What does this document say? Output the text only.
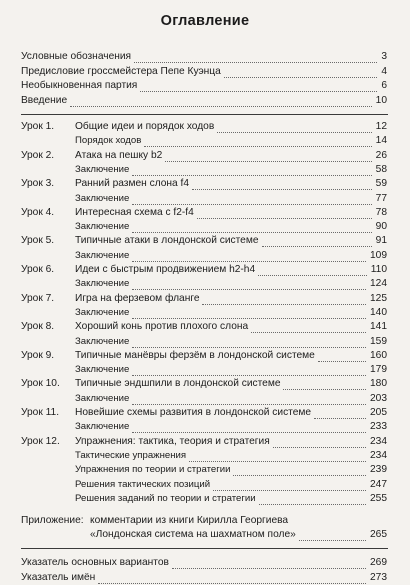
Оглавление
Условные обозначения	3
Предисловие гроссмейстера Пепе Куэнца	4
Необыкновенная партия	6
Введение	10
Урок 1. Общие идеи и порядок ходов	12
Порядок ходов	14
Урок 2. Атака на пешку b2	26
Заключение	58
Урок 3. Ранний размен слона f4	59
Заключение	77
Урок 4. Интересная схема с f2-f4	78
Заключение	90
Урок 5. Типичные атаки в лондонской системе	91
Заключение	109
Урок 6. Идеи с быстрым продвижением h2-h4	110
Заключение	124
Урок 7. Игра на ферзевом фланге	125
Заключение	140
Урок 8. Хороший конь против плохого слона	141
Заключение	159
Урок 9. Типичные манёвры ферзём в лондонской системе	160
Заключение	179
Урок 10. Типичные эндшпили в лондонской системе	180
Заключение	203
Урок 11. Новейшие схемы развития в лондонской системе	205
Заключение	233
Урок 12. Упражнения: тактика, теория и стратегия	234
Тактические упражнения	234
Упражнения по теории и стратегии	239
Решения тактических позиций	247
Решения заданий по теории и стратегии	255
Приложение: комментарии из книги Кирилла Георгиева
«Лондонская система на шахматном поле»	265
Указатель основных вариантов	269
Указатель имён	273
